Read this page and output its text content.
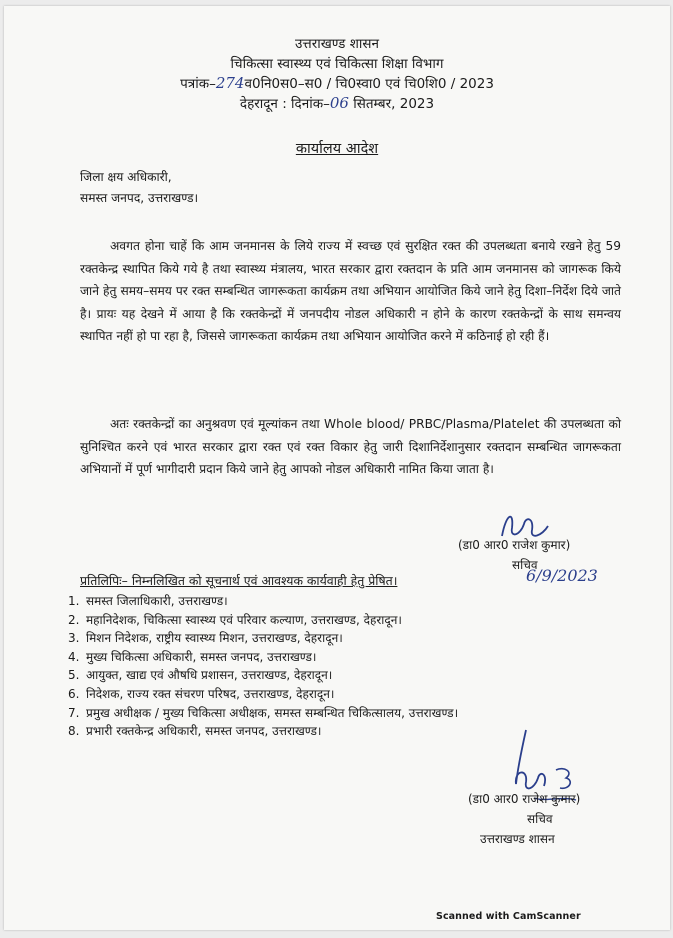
उत्तराखण्ड शासन
चिकित्सा स्वास्थ्य एवं चिकित्सा शिक्षा विभाग
पत्रांक–274व0नि0स0–स0 / चि0स्वा0 एवं चि0शि0 / 2023
देहरादून : दिनांक–06 सितम्बर, 2023
कार्यालय आदेश
जिला क्षय अधिकारी,
समस्त जनपद, उत्तराखण्ड।
अवगत होना चाहें कि आम जनमानस के लिये राज्य में स्वच्छ एवं सुरक्षित रक्त की उपलब्धता बनाये रखने हेतु 59 रक्तकेन्द्र स्थापित किये गये है तथा स्वास्थ्य मंत्रालय, भारत सरकार द्वारा रक्तदान के प्रति आम जनमानस को जागरूक किये जाने हेतु समय–समय पर रक्त सम्बन्धित जागरूकता कार्यक्रम तथा अभियान आयोजित किये जाने हेतु दिशा–निर्देश दिये जाते है। प्रायः यह देखने में आया है कि रक्तकेन्द्रों में जनपदीय नोडल अधिकारी न होने के कारण रक्तकेन्द्रों के साथ समन्वय स्थापित नहीं हो पा रहा है, जिससे जागरूकता कार्यक्रम तथा अभियान आयोजित करने में कठिनाई हो रही हैं।
अतः रक्तकेन्द्रों का अनुश्रवण एवं मूल्यांकन तथा Whole blood/ PRBC/Plasma/Platelet की उपलब्धता को सुनिश्चित करने एवं भारत सरकार द्वारा रक्त एवं रक्त विकार हेतु जारी दिशानिर्देशानुसार रक्तदान सम्बन्धित जागरूकता अभियानों में पूर्ण भागीदारी प्रदान किये जाने हेतु आपको नोडल अधिकारी नामित किया जाता है।
(डा0 आर0 राजेश कुमार)
सचिव
6/9/2023
प्रतिलिपिः– निम्नलिखित को सूचनार्थ एवं आवश्यक कार्यवाही हेतु प्रेषित।
1. समस्त जिलाधिकारी, उत्तराखण्ड।
2. महानिदेशक, चिकित्सा स्वास्थ्य एवं परिवार कल्याण, उत्तराखण्ड, देहरादून।
3. मिशन निदेशक, राष्ट्रीय स्वास्थ्य मिशन, उत्तराखण्ड, देहरादून।
4. मुख्य चिकित्सा अधिकारी, समस्त जनपद, उत्तराखण्ड।
5. आयुक्त, खाद्य एवं औषधि प्रशासन, उत्तराखण्ड, देहरादून।
6. निदेशक, राज्य रक्त संचरण परिषद, उत्तराखण्ड, देहरादून।
7. प्रमुख अधीक्षक / मुख्य चिकित्सा अधीक्षक, समस्त सम्बन्धित चिकित्सालय, उत्तराखण्ड।
8. प्रभारी रक्तकेन्द्र अधिकारी, समस्त जनपद, उत्तराखण्ड।
(डा0 आर0 राजेश कुमार)
सचिव
उत्तराखण्ड शासन
Scanned with CamScanner
